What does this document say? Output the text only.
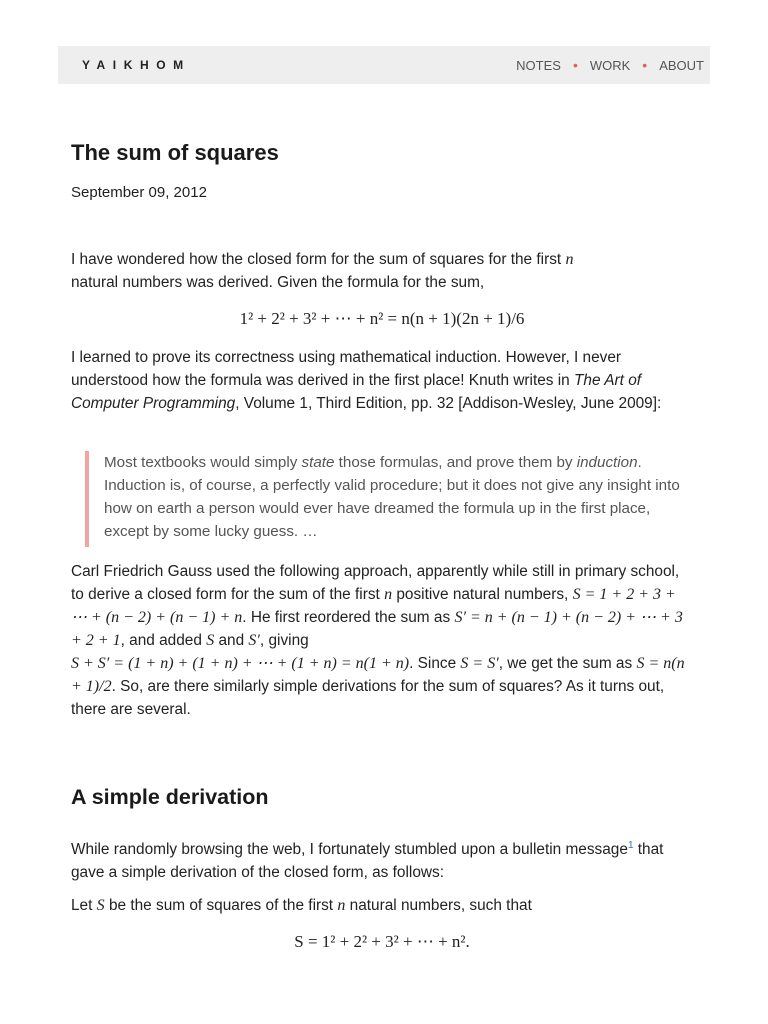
YAIKHOM	NOTES • WORK • ABOUT
The sum of squares
September 09, 2012

I have wondered how the closed form for the sum of squares for the first n
natural numbers was derived. Given the formula for the sum,

1² + 2² + 3² + ⋯ + n² = n(n + 1)(2n + 1)/6

I learned to prove its correctness using mathematical induction. However, I never understood how the formula was derived in the first place! Knuth writes in The Art of Computer Programming, Volume 1, Third Edition, pp. 32 [Addison-Wesley, June 2009]:

Most textbooks would simply state those formulas, and prove them by induction. Induction is, of course, a perfectly valid procedure; but it does not give any insight into how on earth a person would ever have dreamed the formula up in the first place, except by some lucky guess. …

Carl Friedrich Gauss used the following approach, apparently while still in primary school, to derive a closed form for the sum of the first n positive natural numbers, S = 1 + 2 + 3 + ⋯ + (n − 2) + (n − 1) + n. He first reordered the sum as S′ = n + (n − 1) + (n − 2) + ⋯ + 3 + 2 + 1, and added S and S′, giving
S + S′ = (1 + n) + (1 + n) + ⋯ + (1 + n) = n(1 + n). Since S = S′, we get the sum as S = n(n + 1)/2. So, are there similarly simple derivations for the sum of squares? As it turns out, there are several.

A simple derivation

While randomly browsing the web, I fortunately stumbled upon a bulletin message$^1$ that gave a simple derivation of the closed form, as follows:

Let S be the sum of squares of the first n natural numbers, such that

S = 1² + 2² + 3² + ⋯ + n².
